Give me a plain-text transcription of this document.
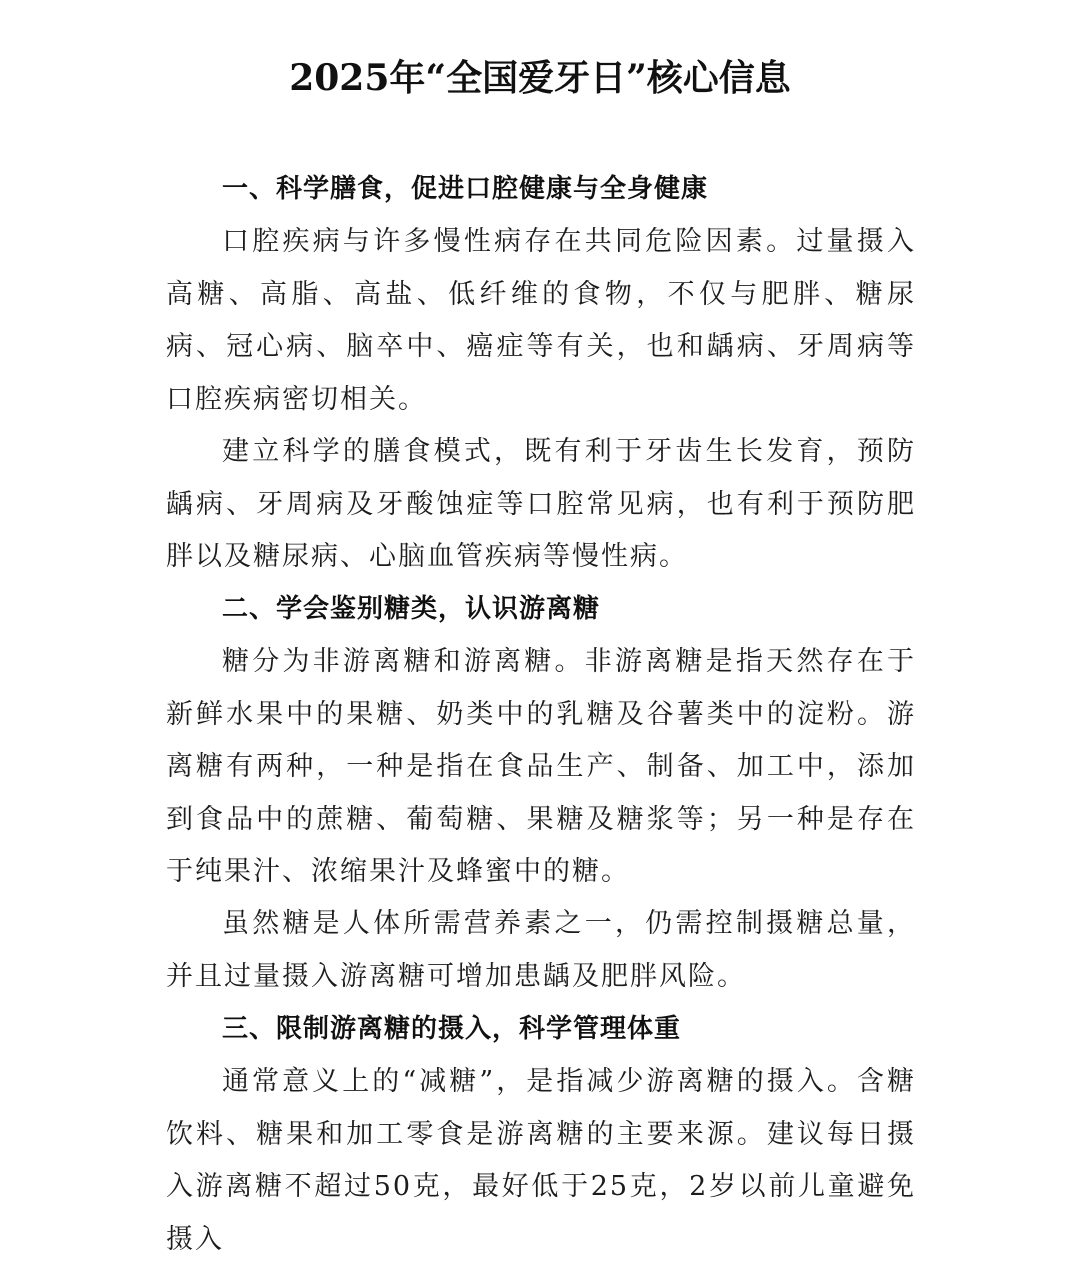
2025年“全国爱牙日”核心信息
一、科学膳食，促进口腔健康与全身健康

口腔疾病与许多慢性病存在共同危险因素。过量摄入高糖、高脂、高盐、低纤维的食物，不仅与肥胖、糖尿病、冠心病、脑卒中、癌症等有关，也和龋病、牙周病等口腔疾病密切相关。

建立科学的膳食模式，既有利于牙齿生长发育，预防龋病、牙周病及牙酸蚀症等口腔常见病，也有利于预防肥胖以及糖尿病、心脑血管疾病等慢性病。

二、学会鉴别糖类，认识游离糖

糖分为非游离糖和游离糖。非游离糖是指天然存在于新鲜水果中的果糖、奶类中的乳糖及谷薯类中的淀粉。游离糖有两种，一种是指在食品生产、制备、加工中，添加到食品中的蔗糖、葡萄糖、果糖及糖浆等；另一种是存在于纯果汁、浓缩果汁及蜂蜜中的糖。

虽然糖是人体所需营养素之一，仍需控制摄糖总量，并且过量摄入游离糖可增加患龋及肥胖风险。

三、限制游离糖的摄入，科学管理体重

通常意义上的“减糖”，是指减少游离糖的摄入。含糖饮料、糖果和加工零食是游离糖的主要来源。建议每日摄入游离糖不超过50克，最好低于25克，2岁以前儿童避免摄入
